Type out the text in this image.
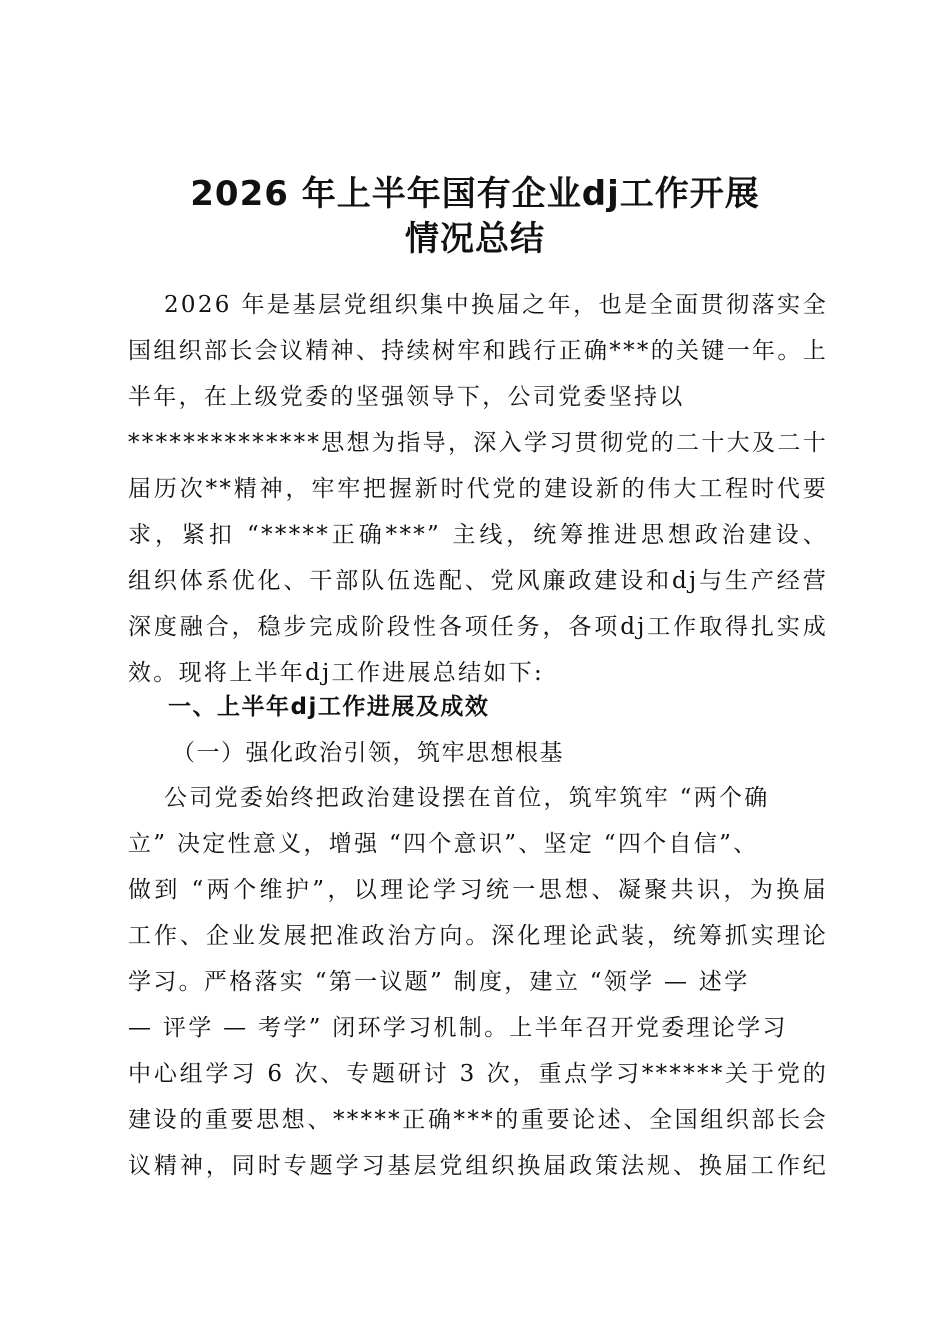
2026 年上半年国有企业dj工作开展
情况总结
2026 年是基层党组织集中换届之年，也是全面贯彻落实全
国组织部长会议精神、持续树牢和践行正确***的关键一年。上
半年，在上级党委的坚强领导下，公司党委坚持以
**************思想为指导，深入学习贯彻党的二十大及二十
届历次**精神，牢牢把握新时代党的建设新的伟大工程时代要
求，紧扣 “*****正确***” 主线，统筹推进思想政治建设、
组织体系优化、干部队伍选配、党风廉政建设和dj与生产经营
深度融合，稳步完成阶段性各项任务，各项dj工作取得扎实成
效。现将上半年dj工作进展总结如下:
一、上半年dj工作进展及成效
（一）强化政治引领，筑牢思想根基
公司党委始终把政治建设摆在首位，筑牢筑牢 “两个确
立” 决定性意义，增强 “四个意识”、坚定 “四个自信”、
做到 “两个维护”，以理论学习统一思想、凝聚共识，为换届
工作、企业发展把准政治方向。深化理论武装，统筹抓实理论
学习。严格落实 “第一议题” 制度，建立 “领学 — 述学
— 评学 — 考学” 闭环学习机制。上半年召开党委理论学习
中心组学习 6 次、专题研讨 3 次，重点学习******关于党的
建设的重要思想、*****正确***的重要论述、全国组织部长会
议精神，同时专题学习基层党组织换届政策法规、换届工作纪
